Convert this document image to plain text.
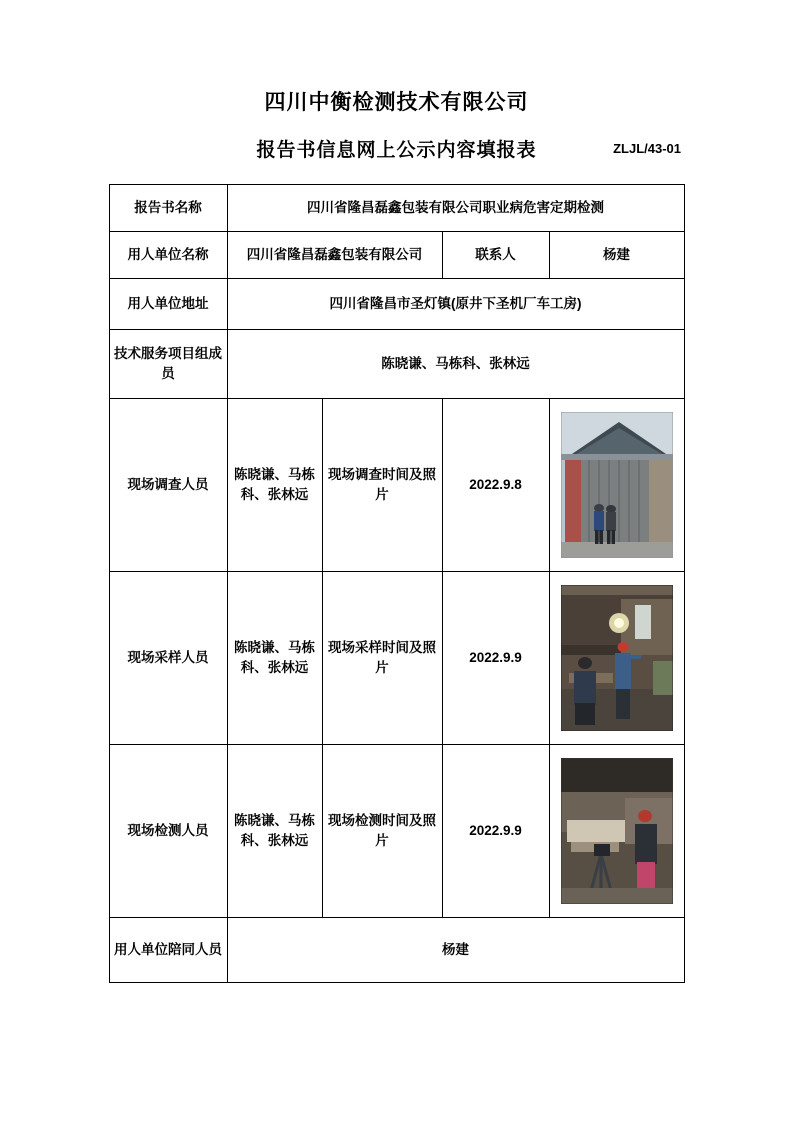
四川中衡检测技术有限公司
报告书信息网上公示内容填报表	ZLJL/43-01
报告书名称	四川省隆昌磊鑫包装有限公司职业病危害定期检测			
用人单位名称	四川省隆昌磊鑫包装有限公司		联系人	杨建
用人单位地址	四川省隆昌市圣灯镇(原井下圣机厂车工房)			
技术服务项目组成员	陈晓谦、马栋科、张林远			
现场调查人员	陈晓谦、马栋科、张林远	现场调查时间及照片	2022.9.8	

现场采样人员	陈晓谦、马栋科、张林远	现场采样时间及照片	2022.9.9	

现场检测人员	陈晓谦、马栋科、张林远	现场检测时间及照片	2022.9.9	

用人单位陪同人员	杨建			
